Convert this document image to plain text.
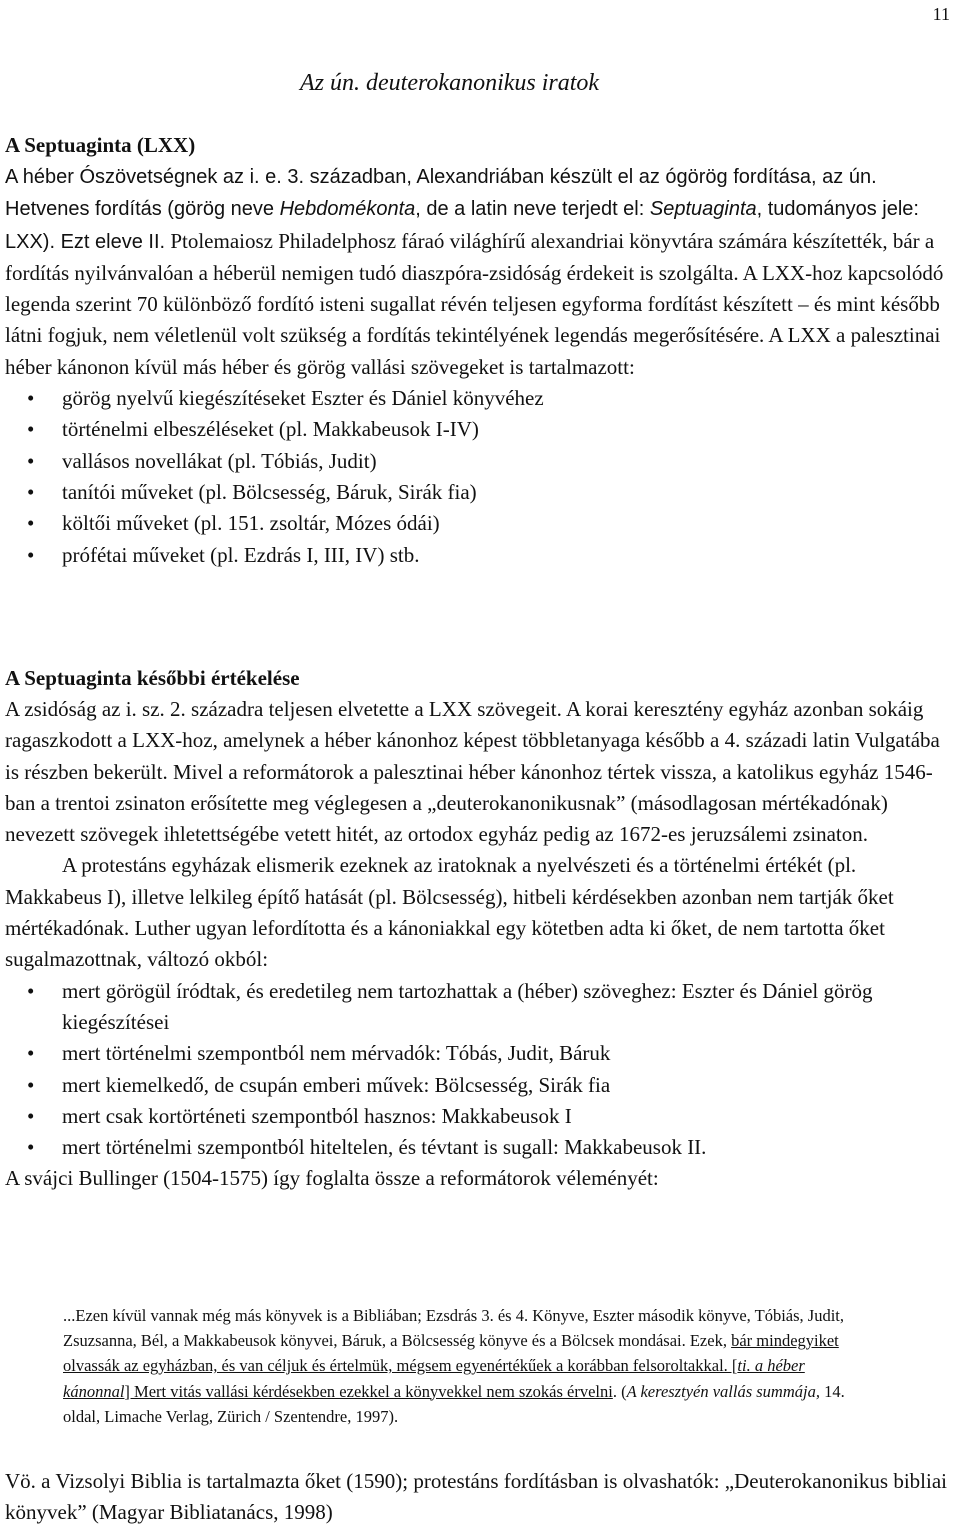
11
Az ún. deuterokanonikus iratok
A Septuaginta (LXX)

A héber Ószövetségnek az i. e. 3. században, Alexandriában készült el az ógörög fordítása, az ún. Hetvenes fordítás (görög neve Hebdomékonta, de a latin neve terjedt el: Septuaginta, tudományos jele: LXX). Ezt eleve II. Ptolemaiosz Philadelphosz fáraó világhírű alexandriai könyvtára számára készítették, bár a fordítás nyilvánvalóan a héberül nemigen tudó diaszpóra-zsidóság érdekeit is szolgálta. A LXX-hoz kapcsolódó legenda szerint 70 különböző fordító isteni sugallat révén teljesen egyforma fordítást készített – és mint később látni fogjuk, nem véletlenül volt szükség a fordítás tekintélyének legendás megerősítésére. A LXX a palesztinai héber kánonon kívül más héber és görög vallási szövegeket is tartalmazott:

• görög nyelvű kiegészítéseket Eszter és Dániel könyvéhez
• történelmi elbeszéléseket (pl. Makkabeusok I-IV)
• vallásos novellákat (pl. Tóbiás, Judit)
• tanítói műveket (pl. Bölcsesség, Báruk, Sirák fia)
• költői műveket (pl. 151. zsoltár, Mózes ódái)
• prófétai műveket (pl. Ezdrás I, III, IV) stb.
A Septuaginta későbbi értékelése

A zsidóság az i. sz. 2. századra teljesen elvetette a LXX szövegeit. A korai keresztény egyház azonban sokáig ragaszkodott a LXX-hoz, amelynek a héber kánonhoz képest többletanyaga később a 4. századi latin Vulgatába is részben bekerült. Mivel a reformátorok a palesztinai héber kánonhoz tértek vissza, a katolikus egyház 1546-ban a trentoi zsinaton erősítette meg véglegesen a „deuterokanonikusnak” (másodlagosan mértékadónak) nevezett szövegek ihletettségébe vetett hitét, az ortodox egyház pedig az 1672-es jeruzsálemi zsinaton.

A protestáns egyházak elismerik ezeknek az iratoknak a nyelvészeti és a történelmi értékét (pl. Makkabeus I), illetve lelkileg építő hatását (pl. Bölcsesség), hitbeli kérdésekben azonban nem tartják őket mértékadónak. Luther ugyan lefordította és a kánoniakkal egy kötetben adta ki őket, de nem tartotta őket sugalmazottnak, változó okból:

• mert görögül íródtak, és eredetileg nem tartozhattak a (héber) szöveghez: Eszter és Dániel görög kiegészítései
• mert történelmi szempontból nem mérvadók: Tóbás, Judit, Báruk
• mert kiemelkedő, de csupán emberi művek: Bölcsesség, Sirák fia
• mert csak kortörténeti szempontból hasznos: Makkabeusok I
• mert történelmi szempontból hiteltelen, és tévtant is sugall: Makkabeusok II.

A svájci Bullinger (1504-1575) így foglalta össze a reformátorok véleményét:

...Ezen kívül vannak még más könyvek is a Bibliában; Ezsdrás 3. és 4. Könyve, Eszter második könyve, Tóbiás, Judit, Zsuzsanna, Bél, a Makkabeusok könyvei, Báruk, a Bölcsesség könyve és a Bölcsek mondásai. Ezek, bár mindegyiket olvassák az egyházban, és van céljuk és értelmük, mégsem egyenértékűek a korábban felsoroltakkal. [ti. a héber kánonnal] Mert vitás vallási kérdésekben ezekkel a könyvekkel nem szokás érvelni. (A keresztyén vallás summája, 14. oldal, Limache Verlag, Zürich / Szentendre, 1997).

Vö. a Vizsolyi Biblia is tartalmazta őket (1590); protestáns fordításban is olvashatók: „Deuterokanonikus bibliai könyvek” (Magyar Bibliatanács, 1998)
